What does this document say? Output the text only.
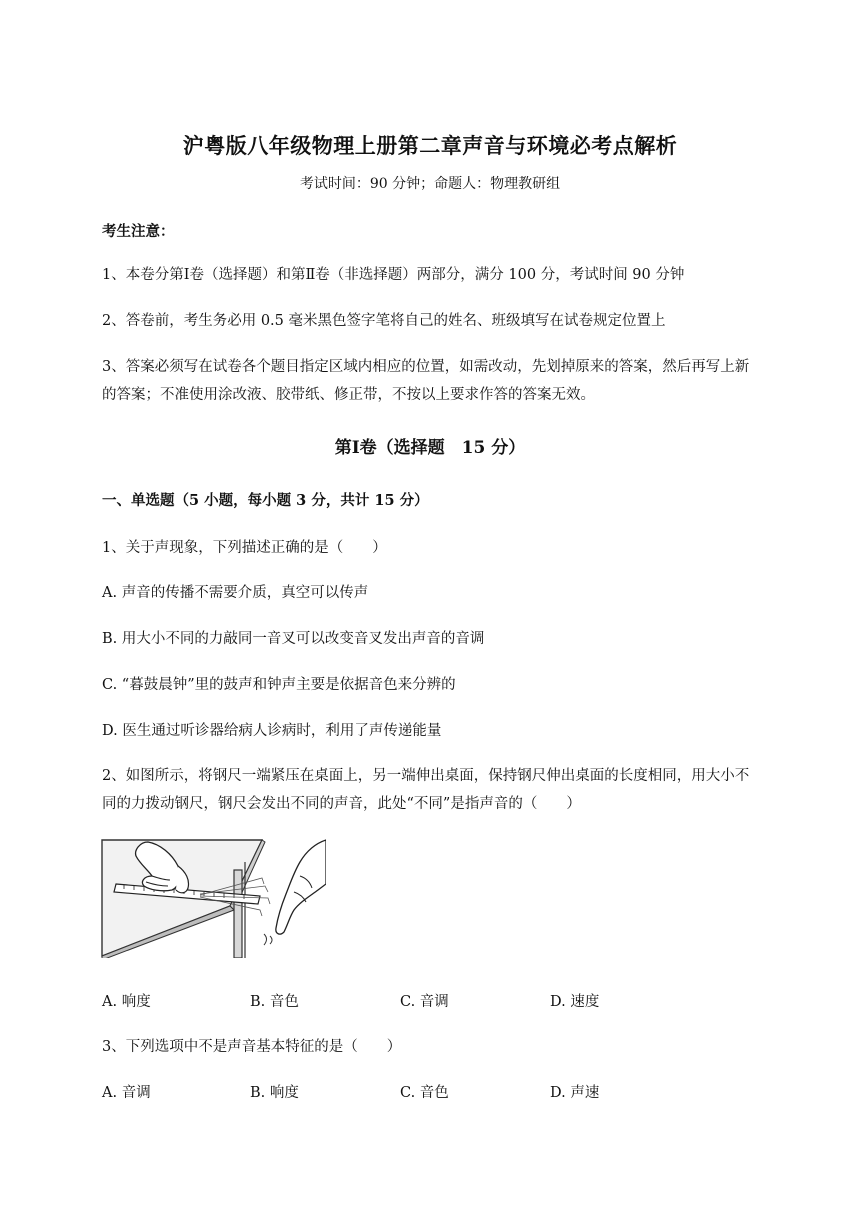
沪粤版八年级物理上册第二章声音与环境必考点解析
考试时间：90 分钟；命题人：物理教研组
考生注意：
1、本卷分第Ⅰ卷（选择题）和第Ⅱ卷（非选择题）两部分，满分 100 分，考试时间 90 分钟
2、答卷前，考生务必用 0.5 毫米黑色签字笔将自己的姓名、班级填写在试卷规定位置上
3、答案必须写在试卷各个题目指定区域内相应的位置，如需改动，先划掉原来的答案，然后再写上新
的答案；不准使用涂改液、胶带纸、修正带，不按以上要求作答的答案无效。
第Ⅰ卷（选择题　15 分）
一、单选题（5 小题，每小题 3 分，共计 15 分）
1、关于声现象，下列描述正确的是（　　）
A. 声音的传播不需要介质，真空可以传声
B. 用大小不同的力敲同一音叉可以改变音叉发出声音的音调
C. “暮鼓晨钟”里的鼓声和钟声主要是依据音色来分辨的
D. 医生通过听诊器给病人诊病时，利用了声传递能量
2、如图所示，将钢尺一端紧压在桌面上，另一端伸出桌面，保持钢尺伸出桌面的长度相同，用大小不
同的力拨动钢尺，钢尺会发出不同的声音，此处“不同”是指声音的（　　）
A. 响度	B. 音色	C. 音调	D. 速度
3、下列选项中不是声音基本特征的是（　　）
A. 音调	B. 响度	C. 音色	D. 声速
